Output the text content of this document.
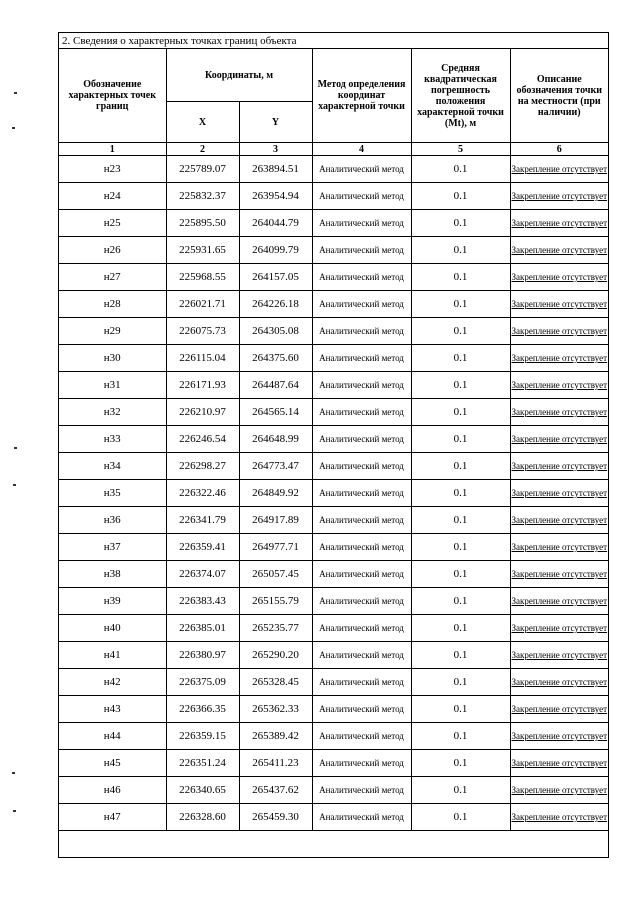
2. Сведения о характерных точках границ объекта
Обозначение характерных точек границ	Координаты, м		Метод определения координат характерной точки	Средняя квадратическая погрешность положения характерной точки (Mt), м	Описание обозначения точки на местности (при наличии)
	X	Y			
1	2	3	4	5	6
н23	225789.07	263894.51	Аналитический метод	0.1	Закрепление отсутствует
н24	225832.37	263954.94	Аналитический метод	0.1	Закрепление отсутствует
н25	225895.50	264044.79	Аналитический метод	0.1	Закрепление отсутствует
н26	225931.65	264099.79	Аналитический метод	0.1	Закрепление отсутствует
н27	225968.55	264157.05	Аналитический метод	0.1	Закрепление отсутствует
н28	226021.71	264226.18	Аналитический метод	0.1	Закрепление отсутствует
н29	226075.73	264305.08	Аналитический метод	0.1	Закрепление отсутствует
н30	226115.04	264375.60	Аналитический метод	0.1	Закрепление отсутствует
н31	226171.93	264487.64	Аналитический метод	0.1	Закрепление отсутствует
н32	226210.97	264565.14	Аналитический метод	0.1	Закрепление отсутствует
н33	226246.54	264648.99	Аналитический метод	0.1	Закрепление отсутствует
н34	226298.27	264773.47	Аналитический метод	0.1	Закрепление отсутствует
н35	226322.46	264849.92	Аналитический метод	0.1	Закрепление отсутствует
н36	226341.79	264917.89	Аналитический метод	0.1	Закрепление отсутствует
н37	226359.41	264977.71	Аналитический метод	0.1	Закрепление отсутствует
н38	226374.07	265057.45	Аналитический метод	0.1	Закрепление отсутствует
н39	226383.43	265155.79	Аналитический метод	0.1	Закрепление отсутствует
н40	226385.01	265235.77	Аналитический метод	0.1	Закрепление отсутствует
н41	226380.97	265290.20	Аналитический метод	0.1	Закрепление отсутствует
н42	226375.09	265328.45	Аналитический метод	0.1	Закрепление отсутствует
н43	226366.35	265362.33	Аналитический метод	0.1	Закрепление отсутствует
н44	226359.15	265389.42	Аналитический метод	0.1	Закрепление отсутствует
н45	226351.24	265411.23	Аналитический метод	0.1	Закрепление отсутствует
н46	226340.65	265437.62	Аналитический метод	0.1	Закрепление отсутствует
н47	226328.60	265459.30	Аналитический метод	0.1	Закрепление отсутствует
